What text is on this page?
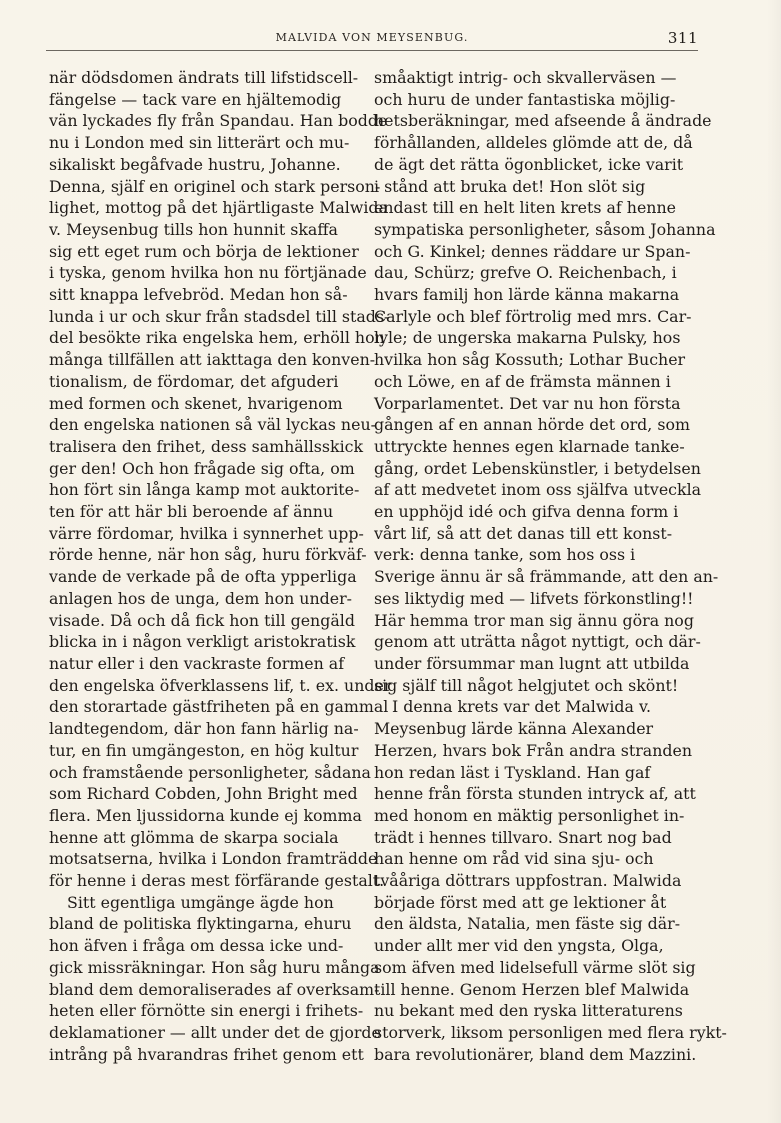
MALVIDA VON MEYSENBUG.	311
när dödsdomen ändrats till lifstidscell-
fängelse — tack vare en hjältemodig
vän lyckades fly från Spandau. Han bodde
nu i London med sin litterärt och mu-
sikaliskt begåfvade hustru, Johanne.
Denna, själf en originel och stark person-
lighet, mottog på det hjärtligaste Malwida
v. Meysenbug tills hon hunnit skaffa
sig ett eget rum och börja de lektioner
i tyska, genom hvilka hon nu förtjänade
sitt knappa lefvebröd. Medan hon så-
lunda i ur och skur från stadsdel till stads-
del besökte rika engelska hem, erhöll hon
många tillfällen att iakttaga den konven-
tionalism, de fördomar, det afguderi
med formen och skenet, hvarigenom
den engelska nationen så väl lyckas neu-
tralisera den frihet, dess samhällsskick
ger den! Och hon frågade sig ofta, om
hon fört sin långa kamp mot auktorite-
ten för att här bli beroende af ännu
värre fördomar, hvilka i synnerhet upp-
rörde henne, när hon såg, huru förkväf-
vande de verkade på de ofta ypperliga
anlagen hos de unga, dem hon under-
visade. Då och då fick hon till gengäld
blicka in i någon verkligt aristokratisk
natur eller i den vackraste formen af
den engelska öfverklassens lif, t. ex. under
den storartade gästfriheten på en gammal
landtegendom, där hon fann härlig na-
tur, en fin umgängeston, en hög kultur
och framstående personligheter, sådana
som Richard Cobden, John Bright med
flera. Men ljussidorna kunde ej komma
henne att glömma de skarpa sociala
motsatserna, hvilka i London framträdde
för henne i deras mest förfärande gestalt.
Sitt egentliga umgänge ägde hon
bland de politiska flyktingarna, ehuru
hon äfven i fråga om dessa icke und-
gick missräkningar. Hon såg huru många
bland dem demoraliserades af overksam-
heten eller förnötte sin energi i frihets-
deklamationer — allt under det de gjorde
intrång på hvarandras frihet genom ett
småaktigt intrig- och skvallerväsen —
och huru de under fantastiska möjlig-
hetsberäkningar, med afseende å ändrade
förhållanden, alldeles glömde att de, då
de ägt det rätta ögonblicket, icke varit
i stånd att bruka det! Hon slöt sig
endast till en helt liten krets af henne
sympatiska personligheter, såsom Johanna
och G. Kinkel; dennes räddare ur Span-
dau, Schürz; grefve O. Reichenbach, i
hvars familj hon lärde känna makarna
Carlyle och blef förtrolig med mrs. Car-
lyle; de ungerska makarna Pulsky, hos
hvilka hon såg Kossuth; Lothar Bucher
och Löwe, en af de främsta männen i
Vorparlamentet. Det var nu hon första
gången af en annan hörde det ord, som
uttryckte hennes egen klarnade tanke-
gång, ordet Lebenskünstler, i betydelsen
af att medvetet inom oss själfva utveckla
en upphöjd idé och gifva denna form i
vårt lif, så att det danas till ett konst-
verk: denna tanke, som hos oss i
Sverige ännu är så främmande, att den an-
ses liktydig med — lifvets förkonstling!!
Här hemma tror man sig ännu göra nog
genom att uträtta något nyttigt, och där-
under försummar man lugnt att utbilda
sig själf till något helgjutet och skönt!
I denna krets var det Malwida v.
Meysenbug lärde känna Alexander
Herzen, hvars bok Från andra stranden
hon redan läst i Tyskland. Han gaf
henne från första stunden intryck af, att
med honom en mäktig personlighet in-
trädt i hennes tillvaro. Snart nog bad
han henne om råd vid sina sju- och
tvååriga döttrars uppfostran. Malwida
började först med att ge lektioner åt
den äldsta, Natalia, men fäste sig där-
under allt mer vid den yngsta, Olga,
som äfven med lidelsefull värme slöt sig
till henne. Genom Herzen blef Malwida
nu bekant med den ryska litteraturens
storverk, liksom personligen med flera rykt-
bara revolutionärer, bland dem Mazzini.
